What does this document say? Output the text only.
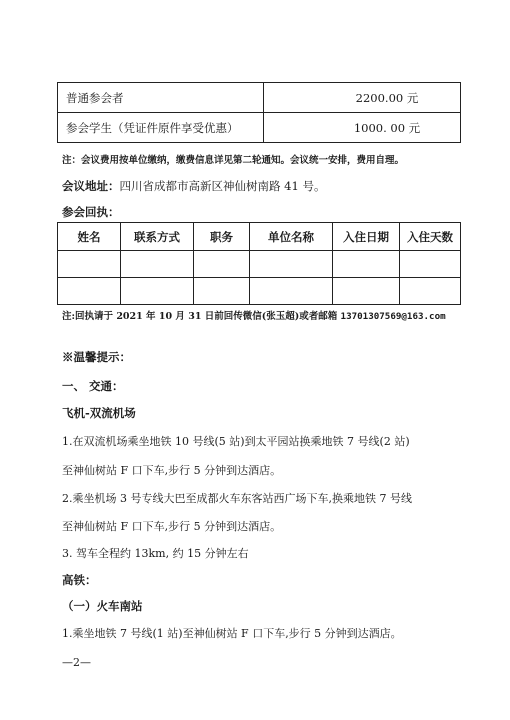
普通参会者	2200.00 元
参会学生（凭证件原件享受优惠）	1000. 00 元
注：会议费用按单位缴纳，缴费信息详见第二轮通知。会议统一安排，费用自理。
会议地址：四川省成都市高新区神仙树南路 41 号。
参会回执：
姓名	联系方式	职务	单位名称	入住日期	入住天数

注:回执请于 2021 年 10 月 31 日前回传微信(张玉超)或者邮箱 13701307569@163.com
※温馨提示：
一、 交通：
飞机-双流机场
1.在双流机场乘坐地铁 10 号线(5 站)到太平园站换乘地铁 7 号线(2 站)
至神仙树站 F 口下车,步行 5 分钟到达酒店。
2.乘坐机场 3 号专线大巴至成都火车东客站西广场下车,换乘地铁 7 号线
至神仙树站 F 口下车,步行 5 分钟到达酒店。
3. 驾车全程约 13km, 约 15 分钟左右
高铁：
（一）火车南站
1.乘坐地铁 7 号线(1 站)至神仙树站 F 口下车,步行 5 分钟到达酒店。
—2—
